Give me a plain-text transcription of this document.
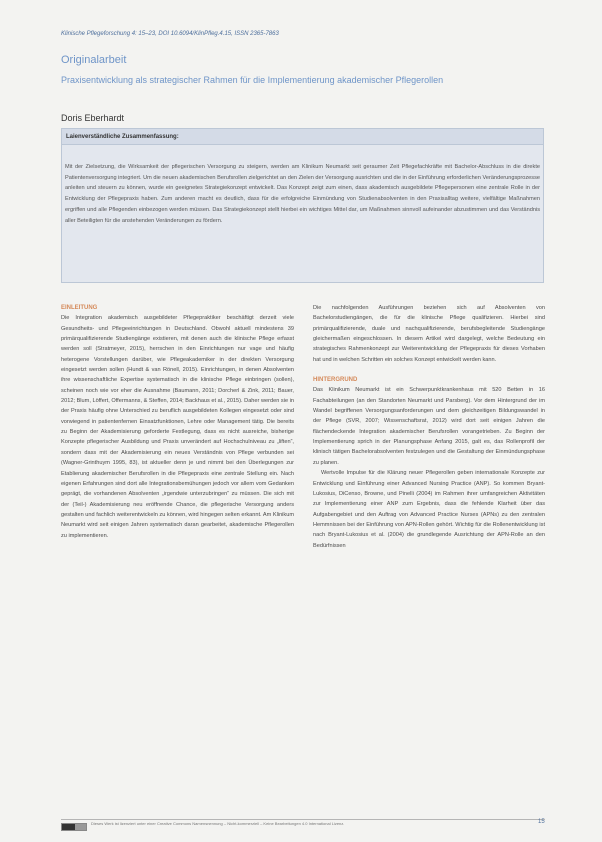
Klinische Pflegeforschung 4: 15–23, DOI 10.6094/KlinPfleg.4.15, ISSN 2365-7863
Originalarbeit
Praxisentwicklung als strategischer Rahmen für die Implementierung akademischer Pflegerollen
Doris Eberhardt
Laienverständliche Zusammenfassung:
Mit der Zielsetzung, die Wirksamkeit der pflegerischen Versorgung zu steigern, werden am Klinikum Neumarkt seit geraumer Zeit Pflegefachkräfte mit Bachelor-Abschluss in die direkte Patientenversorgung integriert. Um die neuen akademischen Berufsrollen zielgerichtet an den Zielen der Versorgung ausrichten und die in der Einführung erforderlichen Veränderungsprozesse anleiten und steuern zu können, wurde ein geeignetes Strategiekonzept entwickelt. Das Konzept zeigt zum einen, dass akademisch ausgebildete Pflegepersonen eine zentrale Rolle in der Entwicklung der Pflegepraxis haben. Zum anderen macht es deutlich, dass für die erfolgreiche Einmündung von Studienabsolventen in den Praxisalltag weitere, vielfältige Maßnahmen ergriffen und alle Pflegenden einbezogen werden müssen. Das Strategiekonzept stellt hierbei ein wichtiges Mittel dar, um Maßnahmen sinnvoll aufeinander abzustimmen und das Verständnis aller Beteiligten für die anstehenden Veränderungen zu fördern.
EINLEITUNG

Die Integration akademisch ausgebildeter Pflegepraktiker beschäftigt derzeit viele Gesundheits- und Pflegeeinrichtungen in Deutschland. Obwohl aktuell mindestens 39 primärqualifizierende Studiengänge existieren, mit denen auch die klinische Pflege erfasst werden soll (Stratmeyer, 2015), herrschen in den Einrichtungen nur vage und häufig heterogene Vorstellungen darüber, wie Pflegeakademiker in der direkten Versorgung eingesetzt werden sollen (Hundt & van Rönell, 2015). Einrichtungen, in denen Absolventen ihre wissenschaftliche Expertise systematisch in die klinische Pflege einbringen (sollen), scheinen noch wie vor eher die Ausnahme (Baumann, 2011; Dorcherl & Zink, 2011; Bauer, 2012; Blum, Löffert, Offermanns, & Steffen, 2014; Backhaus et al., 2015). Daher werden sie in der Praxis häufig ohne Unterschied zu beruflich ausgebildeten Kollegen eingesetzt oder sind vorwiegend in patientenfernen Einsatzfunktionen, Lehre oder Management tätig. Die bereits zu Beginn der Akademisierung geforderte Festlegung, dass es nicht ausreiche, bisherige Konzepte pflegerischer Ausbildung und Praxis unverändert auf Hochschulniveau zu „liften“, sondern dass mit der Akademisierung ein neues Verständnis von Pflege verbunden sei (Wagner-Grinthuym 1995, 83), ist aktueller denn je und nimmt bei den Überlegungen zur Etablierung akademischer Berufsrollen in die Pflegepraxis eine zentrale Stellung ein. Nach eigenen Erfahrungen sind dort alle Integrationsbemühungen jedoch vor allem vom Gedanken geprägt, die vorhandenen Absolventen „irgendwie unterzubringen“ zu müssen. Die sich mit der (Teil-) Akademisierung neu eröffnende Chance, die pflegerische Versorgung anders gestalten und fachlich weiterentwickeln zu können, wird hingegen selten erkannt. Am Klinikum Neumarkt wird seit einigen Jahren systematisch daran gearbeitet, akademische Pflegerollen zu implementieren.

Die nachfolgenden Ausführungen beziehen sich auf Absolventen von Bachelorstudiengängen, die für die klinische Pflege qualifizieren. Hierbei sind primärqualifizierende, duale und nachqualifizierende, berufsbegleitende Studiengänge gleichermaßen eingeschlossen. In diesem Artikel wird dargelegt, welche Bedeutung ein strategisches Rahmenkonzept zur Weiterentwicklung der Pflegepraxis für dieses Vorhaben hat und in welchen Schritten ein solches Konzept entwickelt werden kann.

HINTERGRUND

Das Klinikum Neumarkt ist ein Schwerpunktkrankenhaus mit 520 Betten in 16 Fachabteilungen (an den Standorten Neumarkt und Parsberg). Vor dem Hintergrund der im Wandel begriffenen Versorgungsanforderungen und dem gleichzeitigen Bildungswandel in der Pflege (SVR, 2007; Wissenschaftsrat, 2012) wird dort seit einigen Jahren die flächendeckende Integration akademischer Berufsrollen vorangetrieben. Zu Beginn der Implementierung sprich in der Planungsphase Anfang 2015, galt es, das Rollenprofil der klinisch tätigen Bachelorabsolventen festzulegen und die Gestaltung der Einmündungsphase zu planen.

Wertvolle Impulse für die Klärung neuer Pflegerollen geben internationale Konzepte zur Entwicklung und Einführung einer Advanced Nursing Practice (ANP). So kommen Bryant-Lukosius, DiCenso, Browne, und Pinelli (2004) im Rahmen ihrer umfangreichen Aktivitäten zur Implementierung einer ANP zum Ergebnis, dass die fehlende Klarheit über das Aufgabengebiet und den Auftrag von Advanced Practice Nurses (APNs) zu den zentralen Hemmnissen bei der Einführung von APN-Rollen gehört. Wichtig für die Rollenentwicklung ist nach Bryant-Lukosius et al. (2004) die grundlegende Ausrichtung der APN-Rolle an den Bedürfnissen

Dieses Werk ist lizenziert unter einer Creative Commons Namensnennung – Nicht-kommerziell – Keine Bearbeitungen 4.0 International Lizenz.	15
